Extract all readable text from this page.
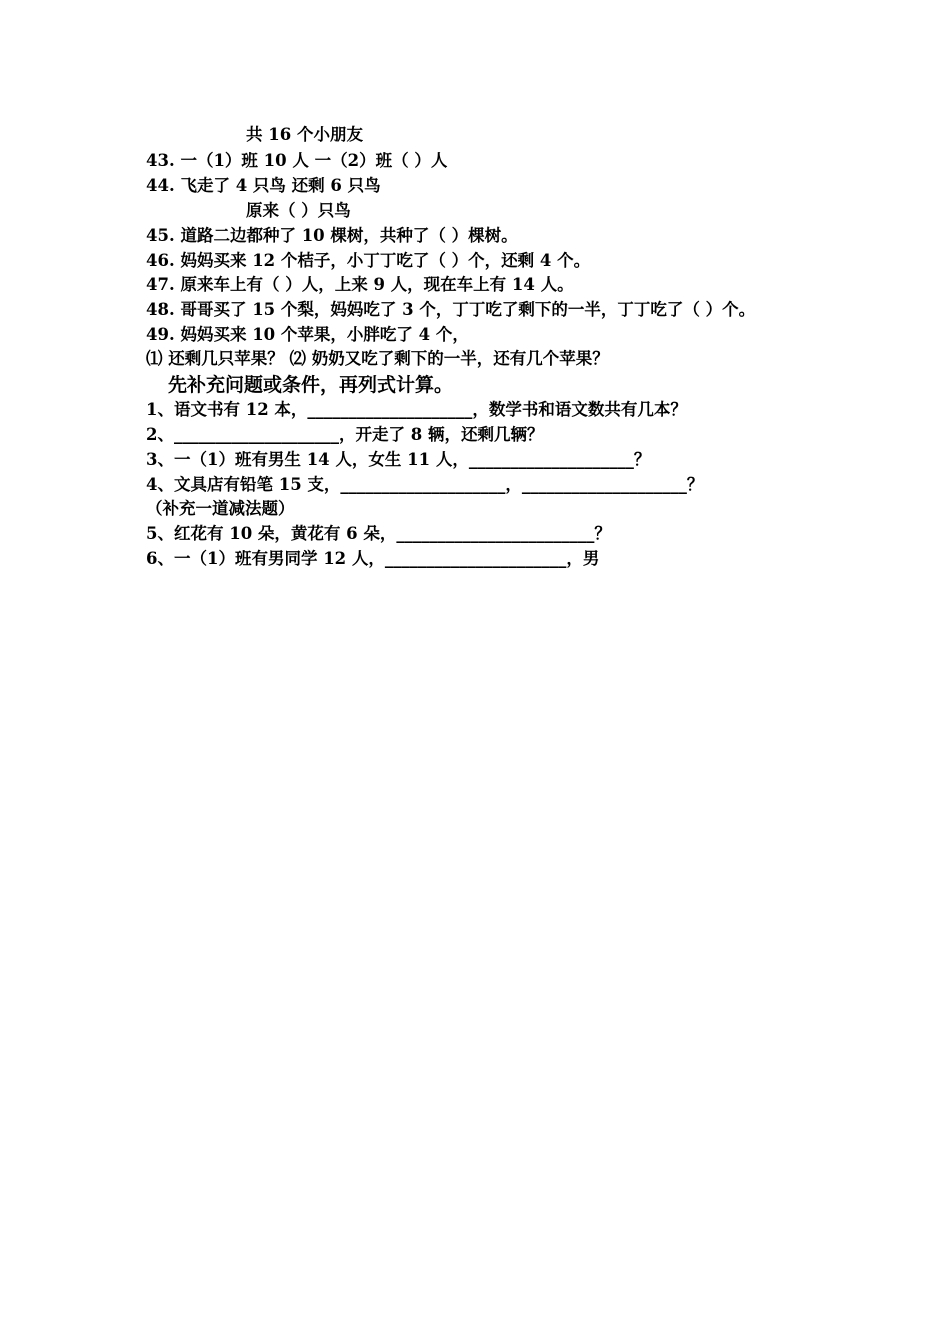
共 16 个小朋友
43. 一（1）班 10 人 一（2）班（ ）人
44. 飞走了 4 只鸟 还剩 6 只鸟
原来（ ）只鸟
45. 道路二边都种了 10 棵树，共种了（ ）棵树。
46. 妈妈买来 12 个桔子，小丁丁吃了（ ）个，还剩 4 个。
47. 原来车上有（ ）人，上来 9 人，现在车上有 14 人。
48. 哥哥买了 15 个梨，妈妈吃了 3 个，丁丁吃了剩下的一半，丁丁吃了（ ）个。
49. 妈妈买来 10 个苹果，小胖吃了 4 个，
⑴ 还剩几只苹果？ ⑵ 奶奶又吃了剩下的一半，还有几个苹果？
先补充问题或条件，再列式计算。
1、语文书有 12 本，____________________，数学书和语文数共有几本？
2、____________________，开走了 8 辆，还剩几辆？
3、一（1）班有男生 14 人，女生 11 人，____________________？
4、文具店有铅笔 15 支，____________________，____________________？
（补充一道减法题）
5、红花有 10 朵，黄花有 6 朵，________________________？
6、一（1）班有男同学 12 人，______________________，男
